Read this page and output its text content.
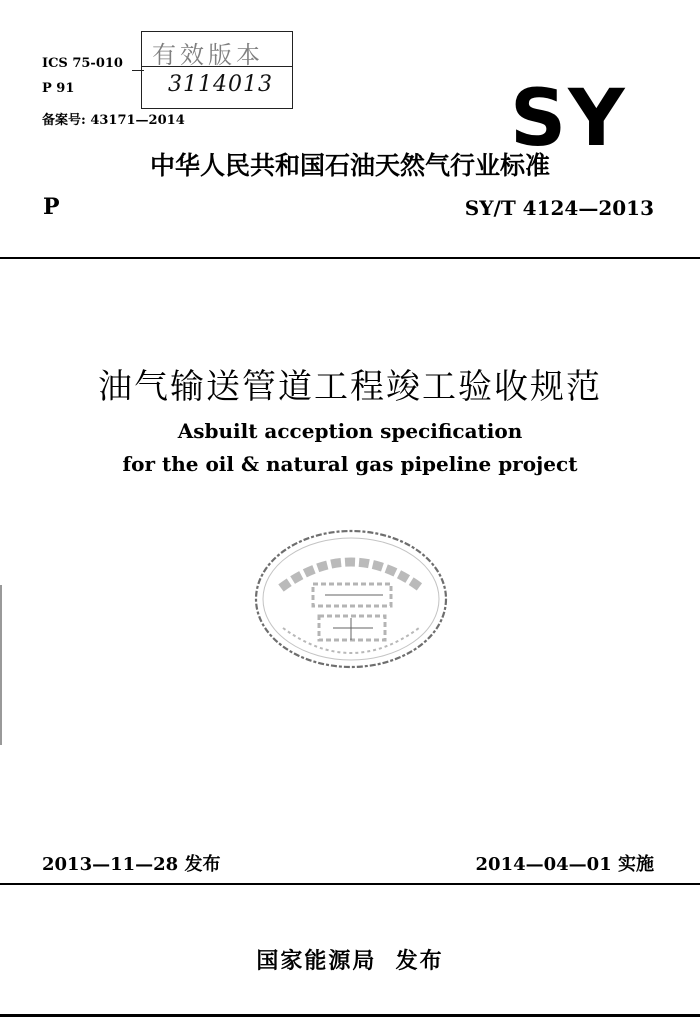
ICS 75-010
P 91
备案号: 43171—2014
有效版本
3114013	SY
中华人民共和国石油天然气行业标准
P	SY/T 4124—2013
油气输送管道工程竣工验收规范
Asbuilt acception specification
for the oil & natural gas pipeline project
2013—11—28 发布	2014—04—01 实施
国家能源局  发布
